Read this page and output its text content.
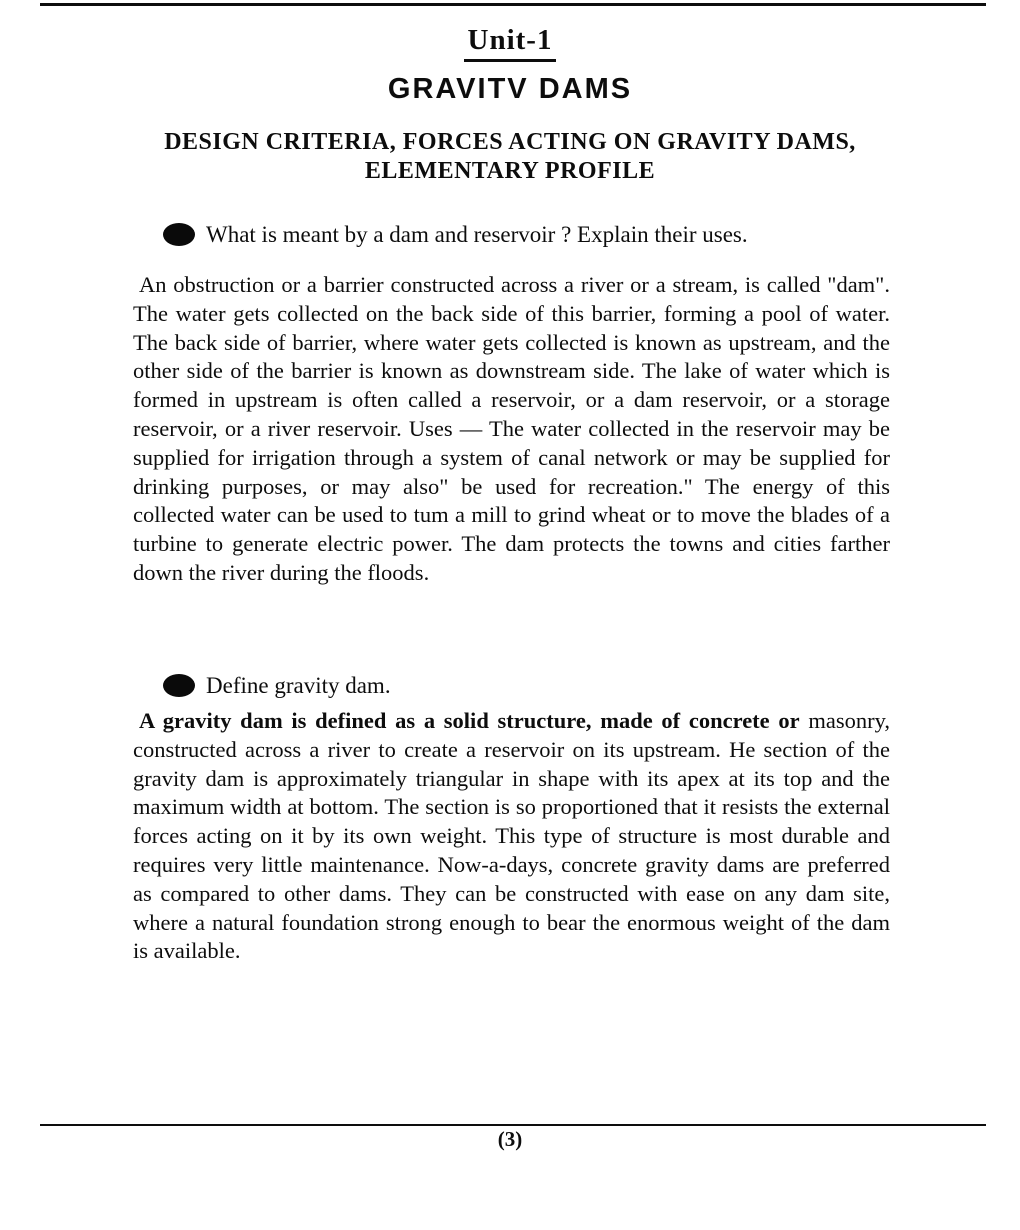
Unit-1
GRAVITV DAMS
DESIGN CRITERIA, FORCES ACTING ON GRAVITY DAMS,
ELEMENTARY PROFILE
What is meant by a dam and reservoir ? Explain their uses.
An obstruction or a barrier constructed across a river or a stream, is called "dam". The water gets collected on the back side of this barrier, forming a pool of water. The back side of barrier, where water gets collected is known as upstream, and the other side of the barrier is known as downstream side. The lake of water which is formed in upstream is often called a reservoir, or a dam reservoir, or a storage reservoir, or a river reservoir. Uses — The water collected in the reservoir may be supplied for irrigation through a system of canal network or may be supplied for drinking purposes, or may also" be used for recreation." The energy of this collected water can be used to tum a mill to grind wheat or to move the blades of a turbine to generate electric power. The dam protects the towns and cities farther down the river during the floods.
Define gravity dam.
A gravity dam is defined as a solid structure, made of concrete or masonry, constructed across a river to create a reservoir on its upstream. He section of the gravity dam is approximately triangular in shape with its apex at its top and the maximum width at bottom. The section is so proportioned that it resists the external forces acting on it by its own weight. This type of structure is most durable and requires very little maintenance. Now-a-days, concrete gravity dams are preferred as compared to other dams. They can be constructed with ease on any dam site, where a natural foundation strong enough to bear the enormous weight of the dam is available.
(3)
